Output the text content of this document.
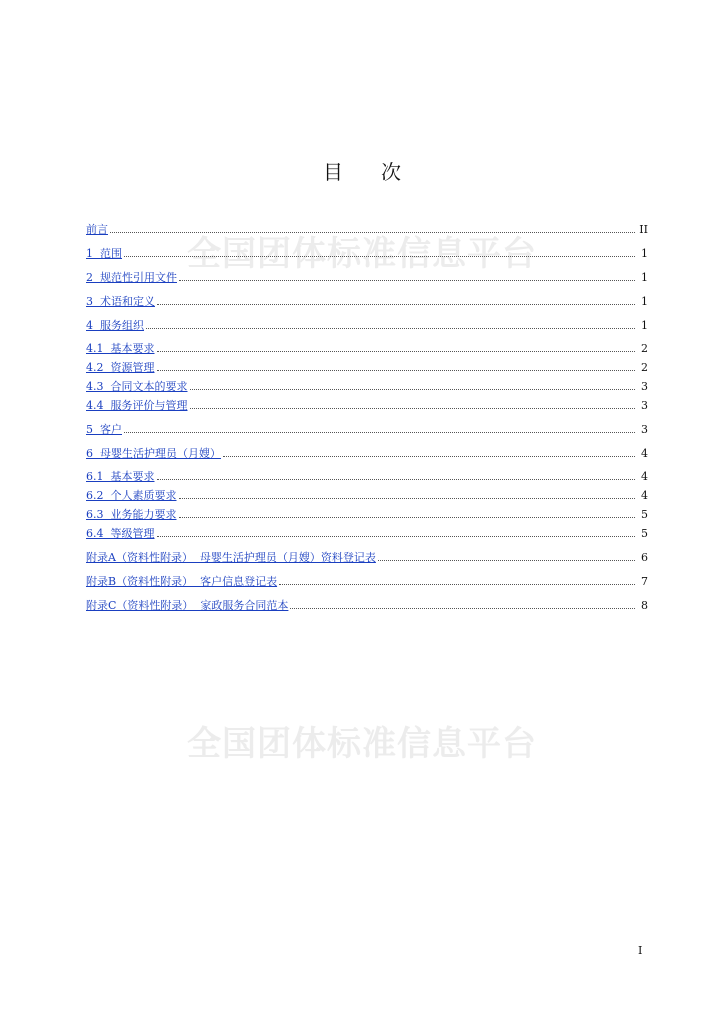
全国团体标准信息平台
全国团体标准信息平台
目 次
前言	II
1  范围	1
2  规范性引用文件	1
3  术语和定义	1
4  服务组织	1
4.1  基本要求	2
4.2  资源管理	2
4.3  合同文本的要求	3
4.4  服务评价与管理	3
5  客户	3
6  母婴生活护理员（月嫂）	4
6.1  基本要求	4
6.2  个人素质要求	4
6.3  业务能力要求	5
6.4  等级管理	5
附录A（资料性附录）  母婴生活护理员（月嫂）资料登记表	6
附录B（资料性附录）  客户信息登记表	7
附录C（资料性附录）  家政服务合同范本	8
I
